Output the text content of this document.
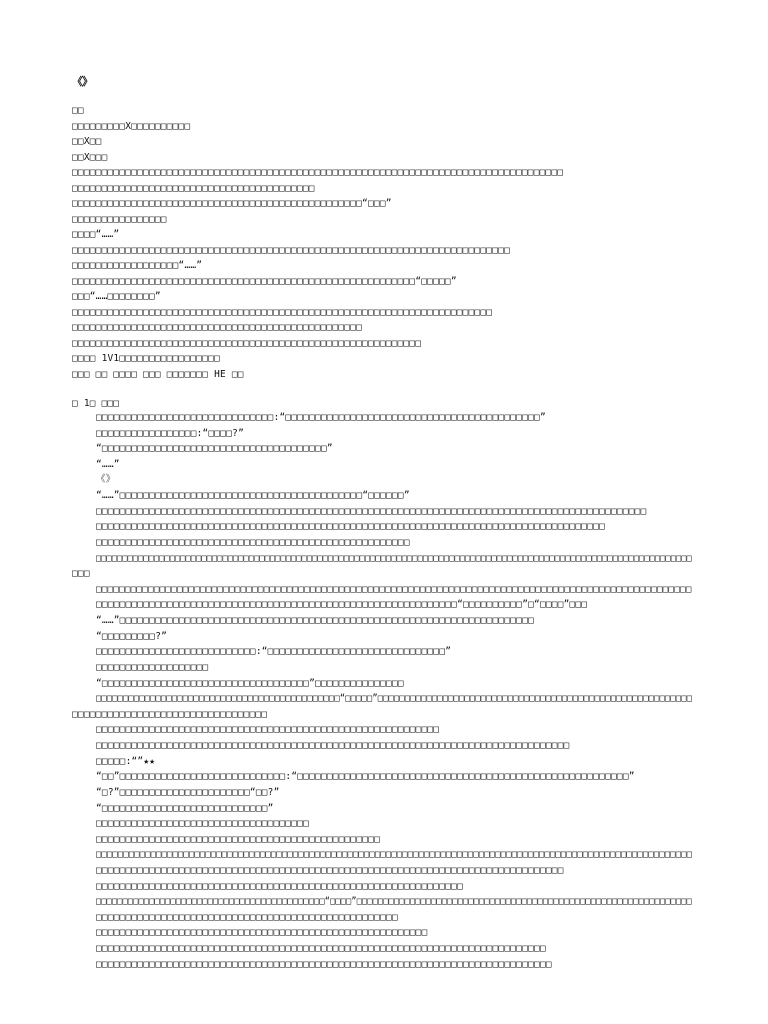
《》
□□
□□□□□□□□□X□□□□□□□□□□
□□X□□
□□X□□□
□□□□□□□□□□□□□□□□□□□□□□□□□□□□□□□□□□□□□□□□□□□□□□□□□□□□□□□□□□□□□□□□□□□□□□□□□□□□□□□□□□□
□□□□□□□□□□□□□□□□□□□□□□□□□□□□□□□□□□□□□□□□□
□□□□□□□□□□□□□□□□□□□□□□□□□□□□□□□□□□□□□□□□□□□□□□□□□“□□□”
□□□□□□□□□□□□□□□□
□□□□“……”
□□□□□□□□□□□□□□□□□□□□□□□□□□□□□□□□□□□□□□□□□□□□□□□□□□□□□□□□□□□□□□□□□□□□□□□□□□
□□□□□□□□□□□□□□□□□□“……”
□□□□□□□□□□□□□□□□□□□□□□□□□□□□□□□□□□□□□□□□□□□□□□□□□□□□□□□□□□“□□□□□”
□□□“……□□□□□□□□”
□□□□□□□□□□□□□□□□□□□□□□□□□□□□□□□□□□□□□□□□□□□□□□□□□□□□□□□□□□□□□□□□□□□□□□□
□□□□□□□□□□□□□□□□□□□□□□□□□□□□□□□□□□□□□□□□□□□□□□□□□
□□□□□□□□□□□□□□□□□□□□□□□□□□□□□□□□□□□□□□□□□□□□□□□□□□□□□□□□□□□
□□□□ 1V1□□□□□□□□□□□□□□□□□
□□□ □□ □□□□ □□□ □□□□□□□ HE □□
□ 1□ □□□
□□□□□□□□□□□□□□□□□□□□□□□□□□□□□□:“□□□□□□□□□□□□□□□□□□□□□□□□□□□□□□□□□□□□□□□□□□□”
□□□□□□□□□□□□□□□□□:“□□□□?”
“□□□□□□□□□□□□□□□□□□□□□□□□□□□□□□□□□□□□□□”
“……”
《》
“……”□□□□□□□□□□□□□□□□□□□□□□□□□□□□□□□□□□□□□□□□□“□□□□□□”
□□□□□□□□□□□□□□□□□□□□□□□□□□□□□□□□□□□□□□□□□□□□□□□□□□□□□□□□□□□□□□□□□□□□□□□□□□□□□□□□□□□□□□□□□□□□□
□□□□□□□□□□□□□□□□□□□□□□□□□□□□□□□□□□□□□□□□□□□□□□□□□□□□□□□□□□□□□□□□□□□□□□□□□□□□□□□□□□□□□□
□□□□□□□□□□□□□□□□□□□□□□□□□□□□□□□□□□□□□□□□□□□□□□□□□□□□□
□□□□□□□□□□□□□□□□□□□□□□□□□□□□□□□□□□□□□□□□□□□□□□□□□□□□□□□□□□□□□□□□□□□□□□□□□□□□□□□□□□□□□□□□□□□□□□□□□□□□□□□□□□□□□□□□□
□□□
□□□□□□□□□□□□□□□□□□□□□□□□□□□□□□□□□□□□□□□□□□□□□□□□□□□□□□□□□□□□□□□□□□□□□□□□□□□□□□□□□□□□□□□□□□□□□□□□□□□□□□□
□□□□□□□□□□□□□□□□□□□□□□□□□□□□□□□□□□□□□□□□□□□□□□□□□□□□□□□□□□□□□“□□□□□□□□□□”□“□□□□”□□□
“……”□□□□□□□□□□□□□□□□□□□□□□□□□□□□□□□□□□□□□□□□□□□□□□□□□□□□□□□□□□□□□□□□□□□□□□
“□□□□□□□□□?”
□□□□□□□□□□□□□□□□□□□□□□□□□□□:“□□□□□□□□□□□□□□□□□□□□□□□□□□□□□□”
□□□□□□□□□□□□□□□□□□□
“□□□□□□□□□□□□□□□□□□□□□□□□□□□□□□□□□□□”□□□□□□□□□□□□□□□
□□□□□□□□□□□□□□□□□□□□□□□□□□□□□□□□□□□□□□□□□□□□□“□□□□□”□□□□□□□□□□□□□□□□□□□□□□□□□□□□□□□□□□□□□□□□□□□□□□□□□□□□□□□□□□
□□□□□□□□□□□□□□□□□□□□□□□□□□□□□□□□□
□□□□□□□□□□□□□□□□□□□□□□□□□□□□□□□□□□□□□□□□□□□□□□□□□□□□□□□□□□
□□□□□□□□□□□□□□□□□□□□□□□□□□□□□□□□□□□□□□□□□□□□□□□□□□□□□□□□□□□□□□□□□□□□□□□□□□□□□□□□
□□□□□:“”★★
“□□”□□□□□□□□□□□□□□□□□□□□□□□□□□□□:“□□□□□□□□□□□□□□□□□□□□□□□□□□□□□□□□□□□□□□□□□□□□□□□□□□□□□□□□”
“□?”□□□□□□□□□□□□□□□□□□□□□□“□□?”
“□□□□□□□□□□□□□□□□□□□□□□□□□□□□”
□□□□□□□□□□□□□□□□□□□□□□□□□□□□□□□□□□□□
□□□□□□□□□□□□□□□□□□□□□□□□□□□□□□□□□□□□□□□□□□□□□□□□
□□□□□□□□□□□□□□□□□□□□□□□□□□□□□□□□□□□□□□□□□□□□□□□□□□□□□□□□□□□□□□□□□□□□□□□□□□□□□□□□□□□□□□□□□□□□□□□□□□□□□□□□□□□□□
□□□□□□□□□□□□□□□□□□□□□□□□□□□□□□□□□□□□□□□□□□□□□□□□□□□□□□□□□□□□□□□□□□□□□□□□□□□□□□□
□□□□□□□□□□□□□□□□□□□□□□□□□□□□□□□□□□□□□□□□□□□□□□□□□□□□□□□□□□□□□□
□□□□□□□□□□□□□□□□□□□□□□□□□□□□□□□□□□□□□□□□□□□“□□□□”□□□□□□□□□□□□□□□□□□□□□□□□□□□□□□□□□□□□□□□□□□□□□□□□□□□□□□□□□□□□□□□
□□□□□□□□□□□□□□□□□□□□□□□□□□□□□□□□□□□□□□□□□□□□□□□□□□□
□□□□□□□□□□□□□□□□□□□□□□□□□□□□□□□□□□□□□□□□□□□□□□□□□□□□□□□□
□□□□□□□□□□□□□□□□□□□□□□□□□□□□□□□□□□□□□□□□□□□□□□□□□□□□□□□□□□□□□□□□□□□□□□□□□□□□
□□□□□□□□□□□□□□□□□□□□□□□□□□□□□□□□□□□□□□□□□□□□□□□□□□□□□□□□□□□□□□□□□□□□□□□□□□□□□
